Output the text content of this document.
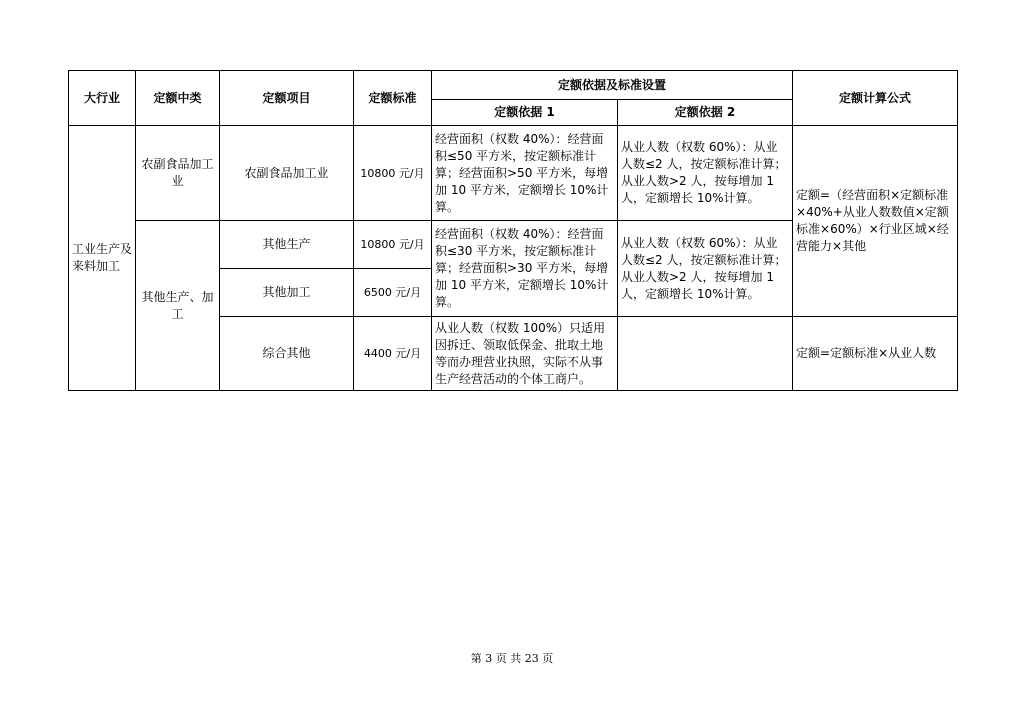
大行业	定额中类	定额项目	定额标准	定额依据及标准设置		定额计算公式
				定额依据 1	定额依据 2	
工业生产及来料加工	农副食品加工业	农副食品加工业	10800 元/月	经营面积（权数 40%）：经营面积≤50 平方米，按定额标准计算；经营面积>50 平方米，每增加 10 平方米，定额增长 10%计算。	从业人数（权数 60%）：从业人数≤2 人，按定额标准计算；从业人数>2 人，按每增加 1 人，定额增长 10%计算。	定额=（经营面积×定额标准×40%+从业人数数值×定额标准×60%）×行业区域×经营能力×其他
	其他生产、加工	其他生产	10800 元/月	经营面积（权数 40%）：经营面积≤30 平方米，按定额标准计算；经营面积>30 平方米，每增加 10 平方米，定额增长 10%计算。	从业人数（权数 60%）：从业人数≤2 人，按定额标准计算；从业人数>2 人，按每增加 1 人，定额增长 10%计算。	
		其他加工	6500 元/月			
		综合其他	4400 元/月	从业人数（权数 100%）只适用因拆迁、领取低保金、批取土地等而办理营业执照，实际不从事生产经营活动的个体工商户。		定额=定额标准×从业人数
第 3 页 共 23 页
